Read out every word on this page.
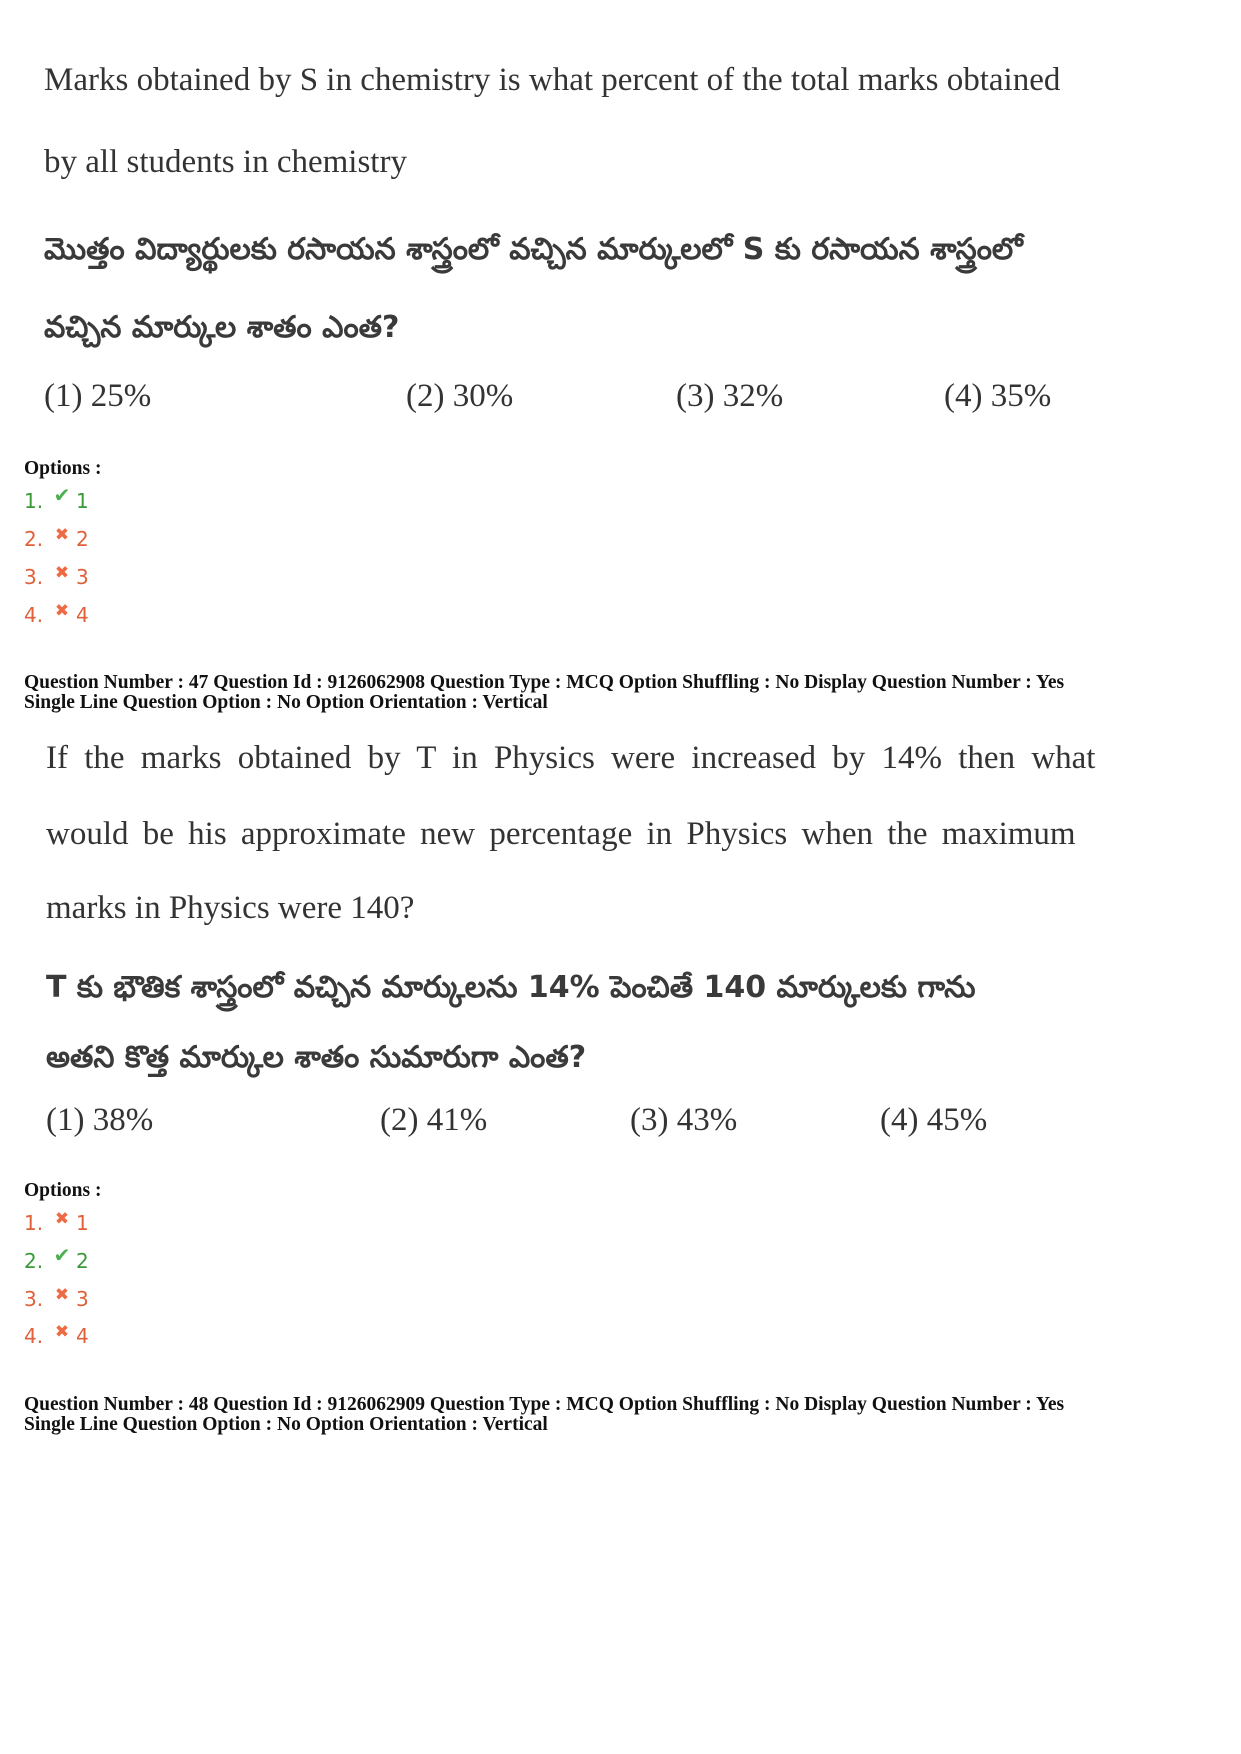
Marks obtained by S in chemistry is what percent of the total marks obtained
by all students in chemistry
మొత్తం విద్యార్థులకు రసాయన శాస్త్రంలో వచ్చిన మార్కులలో S కు రసాయన శాస్త్రంలో
వచ్చిన మార్కుల శాతం ఎంత?
(1) 25%	(2) 30%	(3) 32%	(4) 35%
Options :
1. ✔ 1
2. ✖ 2
3. ✖ 3
4. ✖ 4
Question Number : 47 Question Id : 9126062908 Question Type : MCQ Option Shuffling : No Display Question Number : Yes
Single Line Question Option : No Option Orientation : Vertical
If the marks obtained by T in Physics were increased by 14% then what
would be his approximate new percentage in Physics when the maximum
marks in Physics were 140?
T కు భౌతిక శాస్త్రంలో వచ్చిన మార్కులను 14% పెంచితే 140 మార్కులకు గాను
అతని కొత్త మార్కుల శాతం సుమారుగా ఎంత?
(1) 38%	(2) 41%	(3) 43%	(4) 45%
Options :
1. ✖ 1
2. ✔ 2
3. ✖ 3
4. ✖ 4
Question Number : 48 Question Id : 9126062909 Question Type : MCQ Option Shuffling : No Display Question Number : Yes
Single Line Question Option : No Option Orientation : Vertical
